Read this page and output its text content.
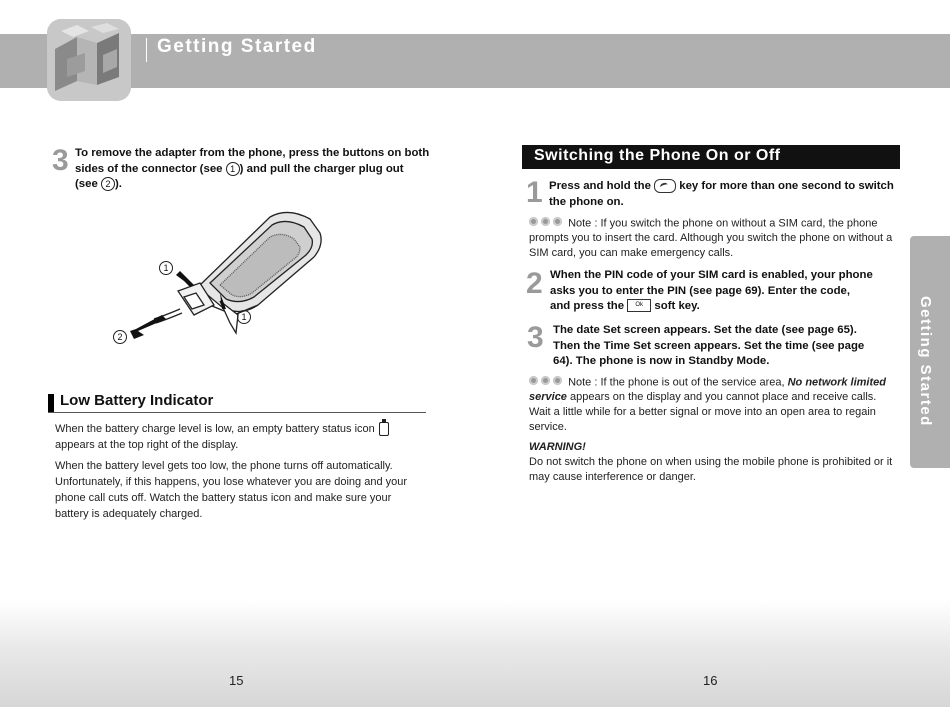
Getting Started
3 To remove the adapter from the phone, press the buttons on both
sides of the connector (see 1 ) and pull the charger plug out
(see 2 ).
1
1
2
Low Battery Indicator
When the battery charge level is low, an empty battery status icon
appears at the top right of the display.
When the battery level gets too low, the phone turns off automatically. Unfortunately, if this happens, you lose whatever you are doing and your phone call cuts off. Watch the battery status icon and make sure your battery is adequately charged.
15
Switching the Phone On or Off
1 Press and hold the key for more than one second to switch
the phone on.
Note : If you switch the phone on without a SIM card, the phone prompts you to insert the card. Although you switch the phone on without a SIM card, you can make emergency calls.
2 When the PIN code of your SIM card is enabled, your phone
asks you to enter the PIN (see page 69). Enter the code,
and press the Ok soft key.
3 The date Set screen appears. Set the date (see page 65).
Then the Time Set screen appears. Set the time (see page
64). The phone is now in Standby Mode.
Note : If the phone is out of the service area, No network limited service appears on the display and you cannot place and receive calls. Wait a little while for a better signal or move into an open area to regain service.
WARNING!
Do not switch the phone on when using the mobile phone is prohibited or it may cause interference or danger.
16
Getting Started
